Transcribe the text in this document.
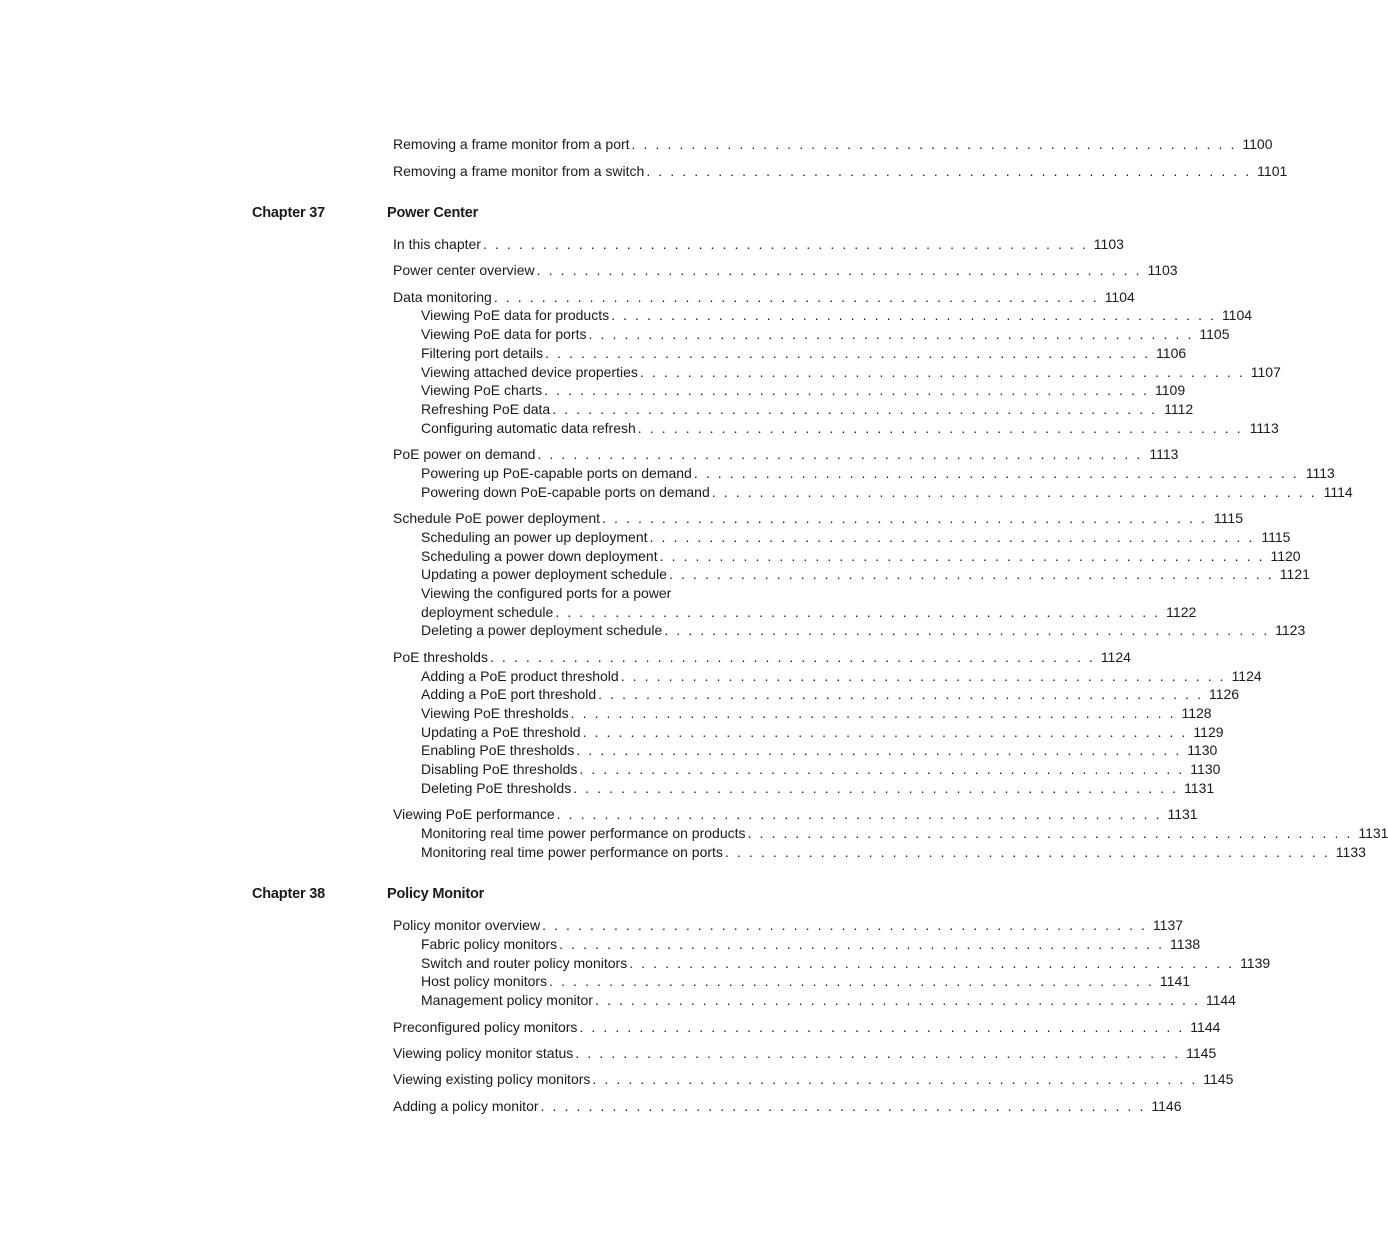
Removing a frame monitor from a port . . . . . . . . . . . . . . . . . . . . . . . . . . . . . . . . . . . . . . . . . . . . . . . . . . . 1100
Removing a frame monitor from a switch . . . . . . . . . . . . . . . . . . . . . . . . . . . . . . . . . . . . . . . . . . . . . . . . . . . 1101
Chapter 37	Power Center
In this chapter . . . . . . . . . . . . . . . . . . . . . . . . . . . . . . . . . . . . . . . . . . . . . . . . . . . 1103
Power center overview . . . . . . . . . . . . . . . . . . . . . . . . . . . . . . . . . . . . . . . . . . . . . . . . . . . 1103
Data monitoring . . . . . . . . . . . . . . . . . . . . . . . . . . . . . . . . . . . . . . . . . . . . . . . . . . . 1104
Viewing PoE data for products . . . . . . . . . . . . . . . . . . . . . . . . . . . . . . . . . . . . . . . . . . . . . . . . . . . 1104
Viewing PoE data for ports . . . . . . . . . . . . . . . . . . . . . . . . . . . . . . . . . . . . . . . . . . . . . . . . . . . 1105
Filtering port details . . . . . . . . . . . . . . . . . . . . . . . . . . . . . . . . . . . . . . . . . . . . . . . . . . . 1106
Viewing attached device properties . . . . . . . . . . . . . . . . . . . . . . . . . . . . . . . . . . . . . . . . . . . . . . . . . . . 1107
Viewing PoE charts . . . . . . . . . . . . . . . . . . . . . . . . . . . . . . . . . . . . . . . . . . . . . . . . . . . 1109
Refreshing PoE data . . . . . . . . . . . . . . . . . . . . . . . . . . . . . . . . . . . . . . . . . . . . . . . . . . . 1112
Configuring automatic data refresh . . . . . . . . . . . . . . . . . . . . . . . . . . . . . . . . . . . . . . . . . . . . . . . . . . . 1113
PoE power on demand . . . . . . . . . . . . . . . . . . . . . . . . . . . . . . . . . . . . . . . . . . . . . . . . . . . 1113
Powering up PoE-capable ports on demand . . . . . . . . . . . . . . . . . . . . . . . . . . . . . . . . . . . . . . . . . . . . . . . . . . . 1113
Powering down PoE-capable ports on demand . . . . . . . . . . . . . . . . . . . . . . . . . . . . . . . . . . . . . . . . . . . . . . . . . . . 1114
Schedule PoE power deployment . . . . . . . . . . . . . . . . . . . . . . . . . . . . . . . . . . . . . . . . . . . . . . . . . . . 1115
Scheduling an power up deployment . . . . . . . . . . . . . . . . . . . . . . . . . . . . . . . . . . . . . . . . . . . . . . . . . . . 1115
Scheduling a power down deployment . . . . . . . . . . . . . . . . . . . . . . . . . . . . . . . . . . . . . . . . . . . . . . . . . . . 1120
Updating a power deployment schedule . . . . . . . . . . . . . . . . . . . . . . . . . . . . . . . . . . . . . . . . . . . . . . . . . . . 1121
Viewing the configured ports for a power
deployment schedule . . . . . . . . . . . . . . . . . . . . . . . . . . . . . . . . . . . . . . . . . . . . . . . . . . . 1122
Deleting a power deployment schedule . . . . . . . . . . . . . . . . . . . . . . . . . . . . . . . . . . . . . . . . . . . . . . . . . . . 1123
PoE thresholds . . . . . . . . . . . . . . . . . . . . . . . . . . . . . . . . . . . . . . . . . . . . . . . . . . . 1124
Adding a PoE product threshold . . . . . . . . . . . . . . . . . . . . . . . . . . . . . . . . . . . . . . . . . . . . . . . . . . . 1124
Adding a PoE port threshold . . . . . . . . . . . . . . . . . . . . . . . . . . . . . . . . . . . . . . . . . . . . . . . . . . . 1126
Viewing PoE thresholds . . . . . . . . . . . . . . . . . . . . . . . . . . . . . . . . . . . . . . . . . . . . . . . . . . . 1128
Updating a PoE threshold . . . . . . . . . . . . . . . . . . . . . . . . . . . . . . . . . . . . . . . . . . . . . . . . . . . 1129
Enabling PoE thresholds . . . . . . . . . . . . . . . . . . . . . . . . . . . . . . . . . . . . . . . . . . . . . . . . . . . 1130
Disabling PoE thresholds . . . . . . . . . . . . . . . . . . . . . . . . . . . . . . . . . . . . . . . . . . . . . . . . . . . 1130
Deleting PoE thresholds . . . . . . . . . . . . . . . . . . . . . . . . . . . . . . . . . . . . . . . . . . . . . . . . . . . 1131
Viewing PoE performance . . . . . . . . . . . . . . . . . . . . . . . . . . . . . . . . . . . . . . . . . . . . . . . . . . . 1131
Monitoring real time power performance on products . . . . . . . . . . . . . . . . . . . . . . . . . . . . . . . . . . . . . . . . . . . . . . . . . . . 1131
Monitoring real time power performance on ports . . . . . . . . . . . . . . . . . . . . . . . . . . . . . . . . . . . . . . . . . . . . . . . . . . . 1133
Chapter 38	Policy Monitor
Policy monitor overview . . . . . . . . . . . . . . . . . . . . . . . . . . . . . . . . . . . . . . . . . . . . . . . . . . . 1137
Fabric policy monitors . . . . . . . . . . . . . . . . . . . . . . . . . . . . . . . . . . . . . . . . . . . . . . . . . . . 1138
Switch and router policy monitors . . . . . . . . . . . . . . . . . . . . . . . . . . . . . . . . . . . . . . . . . . . . . . . . . . . 1139
Host policy monitors . . . . . . . . . . . . . . . . . . . . . . . . . . . . . . . . . . . . . . . . . . . . . . . . . . . 1141
Management policy monitor . . . . . . . . . . . . . . . . . . . . . . . . . . . . . . . . . . . . . . . . . . . . . . . . . . . 1144
Preconfigured policy monitors . . . . . . . . . . . . . . . . . . . . . . . . . . . . . . . . . . . . . . . . . . . . . . . . . . . 1144
Viewing policy monitor status . . . . . . . . . . . . . . . . . . . . . . . . . . . . . . . . . . . . . . . . . . . . . . . . . . . 1145
Viewing existing policy monitors . . . . . . . . . . . . . . . . . . . . . . . . . . . . . . . . . . . . . . . . . . . . . . . . . . . 1145
Adding a policy monitor . . . . . . . . . . . . . . . . . . . . . . . . . . . . . . . . . . . . . . . . . . . . . . . . . . . 1146
